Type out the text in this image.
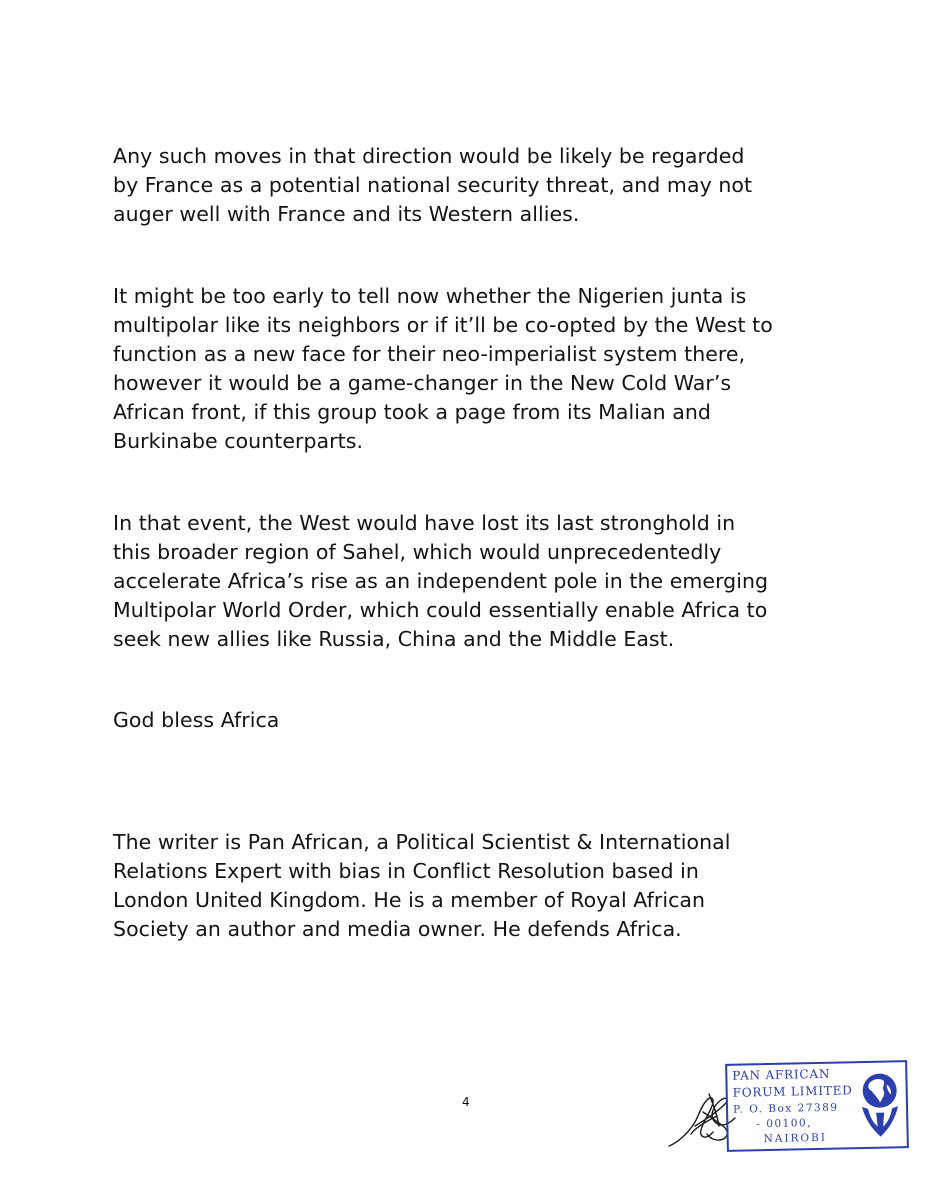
Any such moves in that direction would be likely be regarded
by France as a potential national security threat, and may not
auger well with France and its Western allies.

It might be too early to tell now whether the Nigerien junta is
multipolar like its neighbors or if it’ll be co-opted by the West to
function as a new face for their neo-imperialist system there,
however it would be a game-changer in the New Cold War’s
African front, if this group took a page from its Malian and
Burkinabe counterparts.

In that event, the West would have lost its last stronghold in
this broader region of Sahel, which would unprecedentedly
accelerate Africa’s rise as an independent pole in the emerging
Multipolar World Order, which could essentially enable Africa to
seek new allies like Russia, China and the Middle East.

God bless Africa

The writer is Pan African, a Political Scientist & International
Relations Expert with bias in Conflict Resolution based in
London United Kingdom. He is a member of Royal African
Society an author and media owner. He defends Africa.

4
PAN AFRICAN
FORUM LIMITED
P. O. Box 27389
- 00100,
NAIROBI
